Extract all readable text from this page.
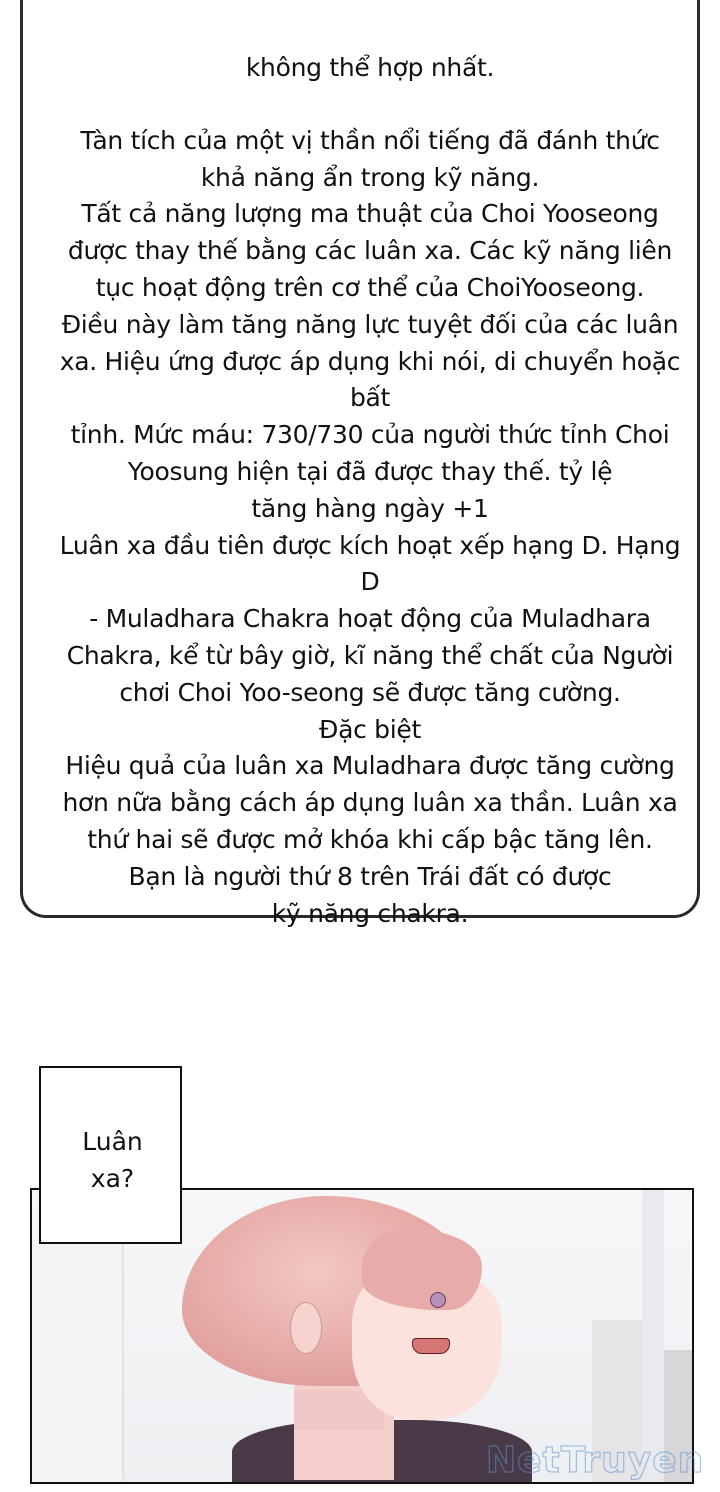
không thể hợp nhất.

Tàn tích của một vị thần nổi tiếng đã đánh thức

khả năng ẩn trong kỹ năng.

Tất cả năng lượng ma thuật của Choi Yooseong

được thay thế bằng các luân xa. Các kỹ năng liên

tục hoạt động trên cơ thể của ChoiYooseong.

Điều này làm tăng năng lực tuyệt đối của các luân

xa. Hiệu ứng được áp dụng khi nói, di chuyển hoặc bất

tỉnh. Mức máu: 730/730 của người thức tỉnh Choi

Yoosung hiện tại đã được thay thế. tỷ lệ

tăng hàng ngày +1

Luân xa đầu tiên được kích hoạt xếp hạng D. Hạng D

- Muladhara Chakra hoạt động của Muladhara

Chakra, kể từ bây giờ, kĩ năng thể chất của Người

chơi Choi Yoo-seong sẽ được tăng cường.

Đặc biệt

Hiệu quả của luân xa Muladhara được tăng cường

hơn nữa bằng cách áp dụng luân xa thần. Luân xa

thứ hai sẽ được mở khóa khi cấp bậc tăng lên.

Bạn là người thứ 8 trên Trái đất có được

kỹ năng chakra.

Luân
xa?

NetTruyen
